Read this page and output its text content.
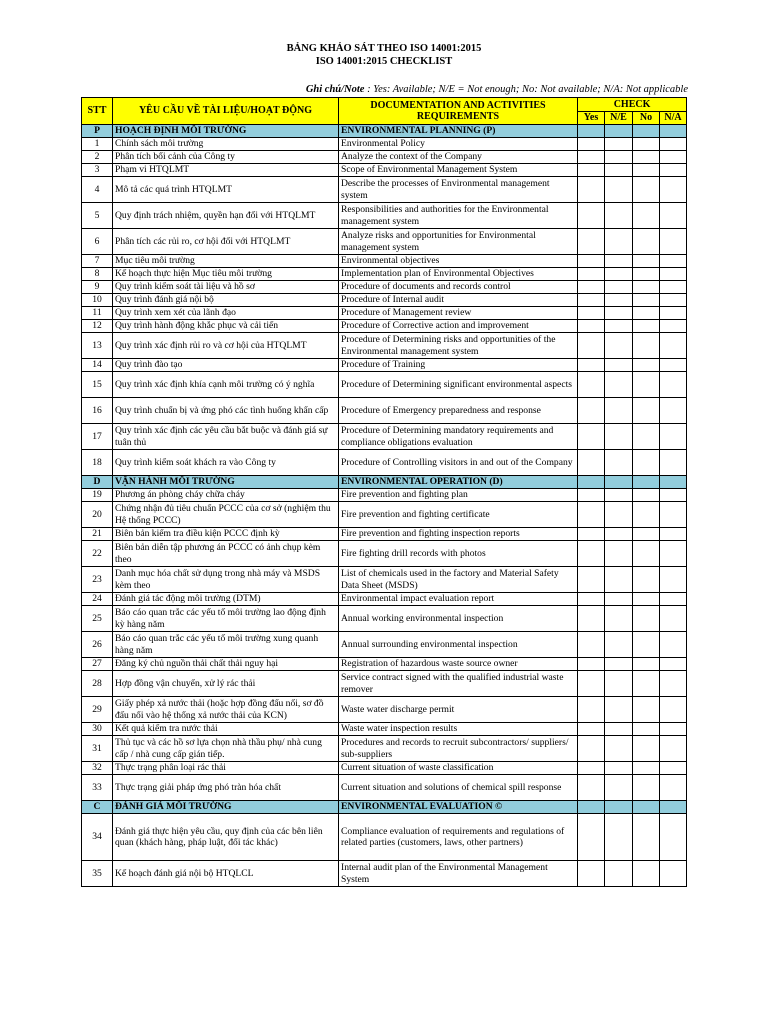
BẢNG KHẢO SÁT THEO ISO 14001:2015
ISO 14001:2015 CHECKLIST
Ghi chú/Note : Yes: Available; N/E = Not enough; No: Not available; N/A: Not applicable
STT	YÊU CẦU VỀ TÀI LIỆU/HOẠT ĐỘNG	DOCUMENTATION AND ACTIVITIES REQUIREMENTS	CHECK			
			Yes	N/E	No	N/A
P	HOẠCH ĐỊNH MÔI TRƯỜNG	ENVIRONMENTAL PLANNING (P)				
1	Chính sách môi trường	Environmental Policy				
2	Phân tích bối cảnh của Công ty	Analyze the context of the Company				
3	Phạm vi HTQLMT	Scope of Environmental Management System				
4	Mô tả các quá trình HTQLMT	Describe the processes of Environmental management system				
5	Quy định trách nhiệm, quyền hạn đối với HTQLMT	Responsibilities and authorities for the Environmental management system				
6	Phân tích các rủi ro, cơ hội đối với HTQLMT	Analyze risks and opportunities for Environmental management system				
7	Mục tiêu môi trường	Environmental objectives				
8	Kế hoạch thực hiện Mục tiêu môi trường	Implementation plan of Environmental Objectives				
9	Quy trình kiểm soát tài liệu và hồ sơ	Procedure of documents and records control				
10	Quy trình đánh giá nội bộ	Procedure of Internal audit				
11	Quy trình xem xét của lãnh đạo	Procedure of Management review				
12	Quy trình hành động khắc phục và cải tiến	Procedure of Corrective action and improvement				
13	Quy trình xác định rủi ro và cơ hội của HTQLMT	Procedure of Determining risks and opportunities of the Environmental management system				
14	Quy trình đào tạo	Procedure of Training				
15	Quy trình xác định khía cạnh môi trường có ý nghĩa	Procedure of Determining significant environmental aspects				
16	Quy trình chuẩn bị và ứng phó các tình huống khẩn cấp	Procedure of Emergency preparedness and response				
17	Quy trình xác định các yêu cầu bắt buộc và đánh giá sự tuân thủ	Procedure of Determining mandatory requirements and compliance obligations evaluation				
18	Quy trình kiểm soát khách ra vào Công ty	Procedure of Controlling visitors in and out of the Company				
D	VẬN HÀNH MÔI TRƯỜNG	ENVIRONMENTAL OPERATION (D)				
19	Phương án phòng cháy chữa cháy	Fire prevention and fighting plan				
20	Chứng nhận đủ tiêu chuẩn PCCC của cơ sở (nghiệm thu Hệ thống PCCC)	Fire prevention and fighting certificate				
21	Biên bản kiểm tra điều kiện PCCC định kỳ	Fire prevention and fighting inspection reports				
22	Biên bản diễn tập phương án PCCC có ảnh chụp kèm theo	Fire fighting drill records with photos				
23	Danh mục hóa chất sử dụng trong nhà máy và MSDS kèm theo	List of chemicals used in the factory and Material Safety Data Sheet (MSDS)				
24	Đánh giá tác động môi trường (DTM)	Environmental impact evaluation report				
25	Báo cáo quan trắc các yếu tố môi trường lao động định kỳ hàng năm	Annual working environmental inspection				
26	Báo cáo quan trắc các yếu tố môi trường xung quanh hàng năm	Annual surrounding environmental inspection				
27	Đăng ký chủ nguồn thải chất thải nguy hại	Registration of hazardous waste source owner				
28	Hợp đồng vận chuyển, xử lý rác thải	Service contract signed with the qualified industrial waste remover				
29	Giấy phép xả nước thải (hoặc hợp đồng đấu nối, sơ đồ đấu nối vào hệ thống xả nước thải của KCN)	Waste water discharge permit				
30	Kết quả kiểm tra nước thải	Waste water inspection results				
31	Thủ tục và các hồ sơ lựa chọn nhà thầu phụ/ nhà cung cấp / nhà cung cấp gián tiếp.	Procedures and records to recruit subcontractors/ suppliers/ sub-suppliers				
32	Thực trạng phân loại rác thải	Current situation of waste classification				
33	Thực trạng giải pháp ứng phó tràn hóa chất	Current situation and solutions of chemical spill response				
C	ĐÁNH GIÁ MÔI TRƯỜNG	ENVIRONMENTAL EVALUATION ©				
34	Đánh giá thực hiện yêu cầu, quy định của các bên liên quan (khách hàng, pháp luật, đối tác khác)	Compliance evaluation of requirements and regulations of related parties (customers, laws, other partners)				
35	Kế hoạch đánh giá nội bộ HTQLCL	Internal audit plan of the Environmental Management System				
